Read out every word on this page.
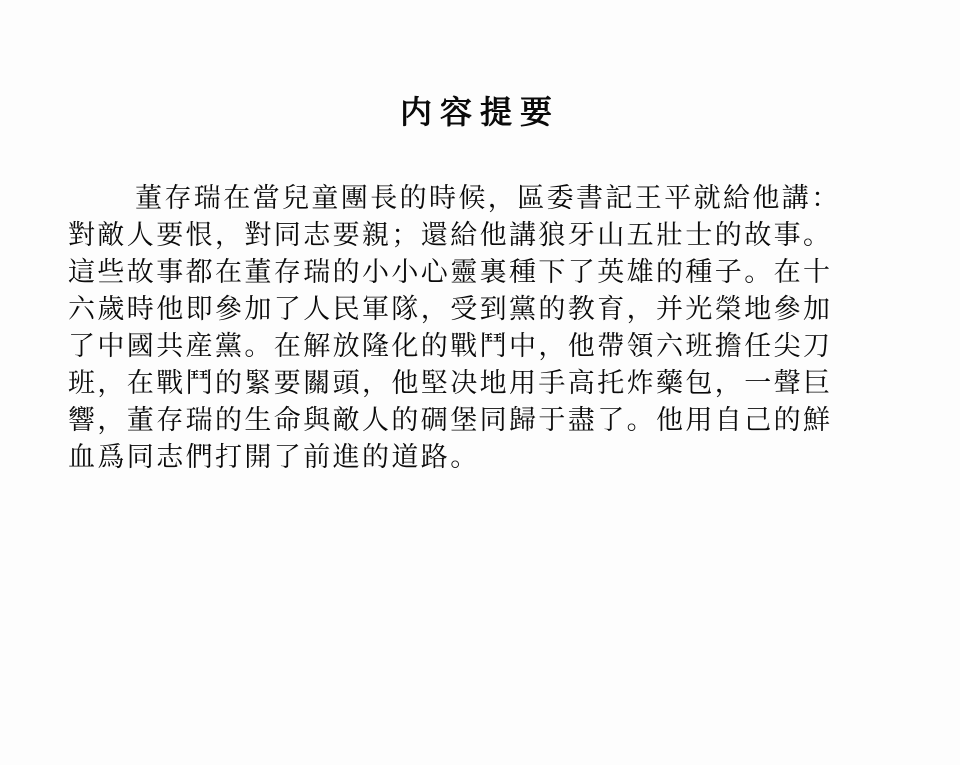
内容提要
董存瑞在當兒童團長的時候，區委書記王平就給他講：
對敵人要恨，對同志要親；還給他講狼牙山五壯士的故事。
這些故事都在董存瑞的小小心靈裏種下了英雄的種子。在十
六歲時他即參加了人民軍隊，受到黨的教育，并光榮地參加
了中國共産黨。在解放隆化的戰鬥中，他帶領六班擔任尖刀
班，在戰鬥的緊要關頭，他堅决地用手高托炸藥包，一聲巨
響，董存瑞的生命與敵人的碉堡同歸于盡了。他用自己的鮮
血爲同志們打開了前進的道路。
